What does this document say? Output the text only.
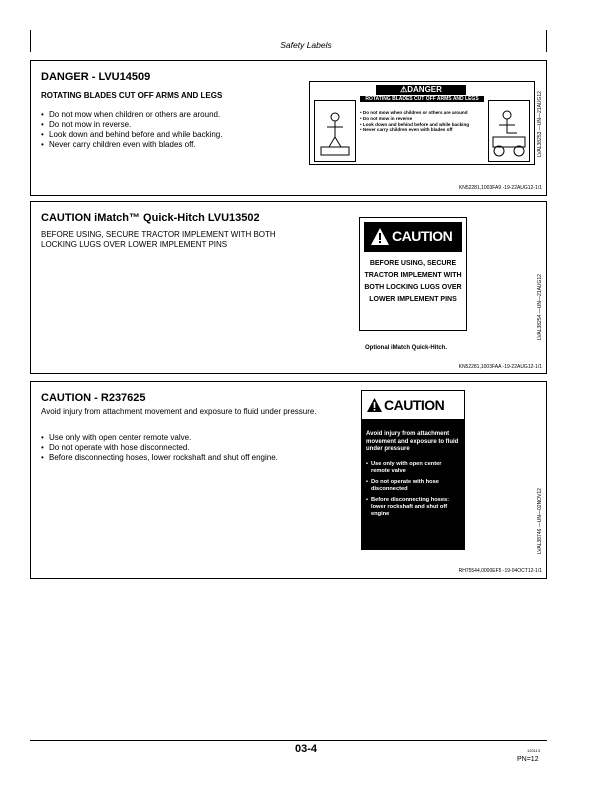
Safety Labels
DANGER - LVU14509
ROTATING BLADES CUT OFF ARMS AND LEGS
• Do not mow when children or others are around.
• Do not mow in reverse.
• Look down and behind before and while backing.
• Never carry children even with blades off.
⚠DANGER
ROTATING BLADES CUT OFF ARMS AND LEGS
• Do not mow when children or others are around
• Do not mow in reverse
• Look down and behind before and while backing
• Never carry children even with blades off	LVAL38253 —UN—21AUG12
KN52281,1003FA9 -19-22AUG12-1/1
CAUTION iMatch™ Quick-Hitch LVU13502
BEFORE USING, SECURE TRACTOR IMPLEMENT WITH BOTH LOCKING LUGS OVER LOWER IMPLEMENT PINS
CAUTION
BEFORE USING, SECURE TRACTOR IMPLEMENT WITH BOTH LOCKING LUGS OVER LOWER IMPLEMENT PINS
Optional iMatch Quick-Hitch.
LVAL38254 —UN—21AUG12
KN52281,1003FAA -19-22AUG12-1/1
CAUTION - R237625
Avoid injury from attachment movement and exposure to fluid under pressure.
• Use only with open center remote valve.
• Do not operate with hose disconnected.
• Before disconnecting hoses, lower rockshaft and shut off engine.
CAUTION
Avoid injury from attachment movement and exposure to fluid under pressure
• Use only with open center remote valve
• Do not operate with hose disconnected
• Before disconnecting hoses: lower rockshaft and shut off engine	LVAL38746 —UN—02NOV12
RH75544,0000EF5 -19-04OCT12-1/1
03-4	120113
PN=12
